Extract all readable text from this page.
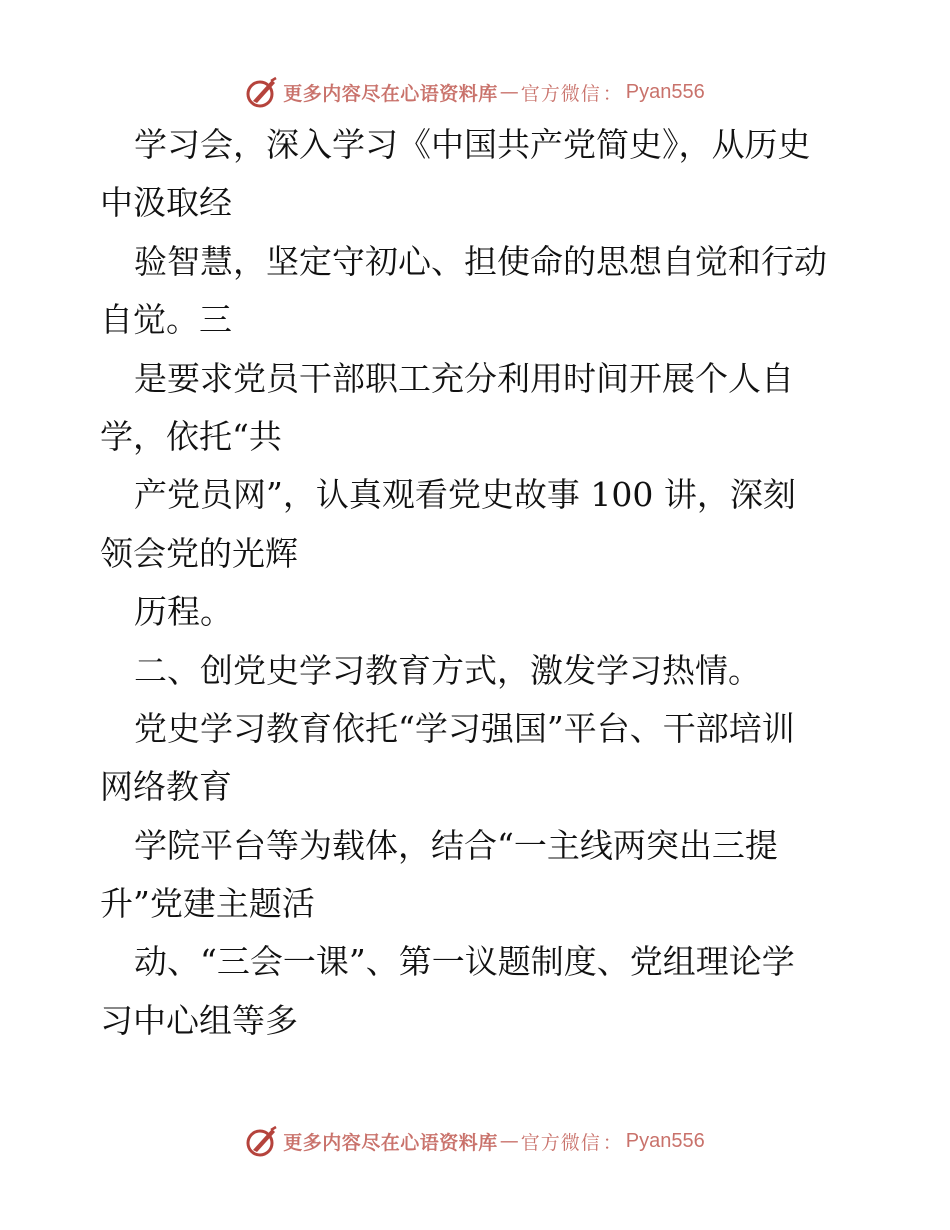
更多内容尽在心语资料库 — 官方微信 ： Pyan556
学习会，深入学习《中国共产党简史》，从历史
中汲取经
验智慧，坚定守初心、担使命的思想自觉和行动
自觉。三
是要求党员干部职工充分利用时间开展个人自
学，依托“共
产党员网”，认真观看党史故事 100 讲，深刻
领会党的光辉
历程。
二、创党史学习教育方式，激发学习热情。
党史学习教育依托“学习强国”平台、干部培训
网络教育
学院平台等为载体，结合“一主线两突出三提
升”党建主题活
动、“三会一课”、第一议题制度、党组理论学
习中心组等多
更多内容尽在心语资料库 — 官方微信 ： Pyan556
